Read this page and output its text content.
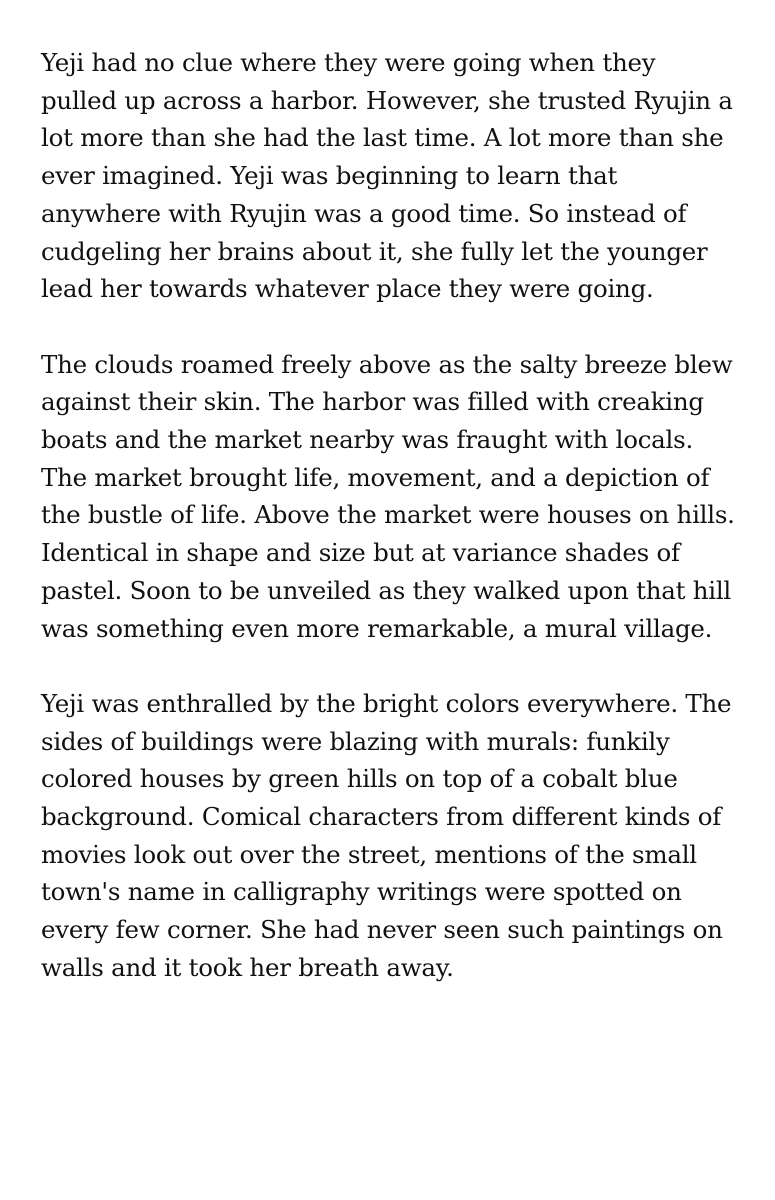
Yeji had no clue where they were going when they
pulled up across a harbor. However, she trusted Ryujin a
lot more than she had the last time. A lot more than she
ever imagined. Yeji was beginning to learn that
anywhere with Ryujin was a good time. So instead of
cudgeling her brains about it, she fully let the younger
lead her towards whatever place they were going.
The clouds roamed freely above as the salty breeze blew
against their skin. The harbor was filled with creaking
boats and the market nearby was fraught with locals.
The market brought life, movement, and a depiction of
the bustle of life. Above the market were houses on hills.
Identical in shape and size but at variance shades of
pastel. Soon to be unveiled as they walked upon that hill
was something even more remarkable, a mural village.
Yeji was enthralled by the bright colors everywhere. The
sides of buildings were blazing with murals: funkily
colored houses by green hills on top of a cobalt blue
background. Comical characters from different kinds of
movies look out over the street, mentions of the small
town's name in calligraphy writings were spotted on
every few corner. She had never seen such paintings on
walls and it took her breath away.
